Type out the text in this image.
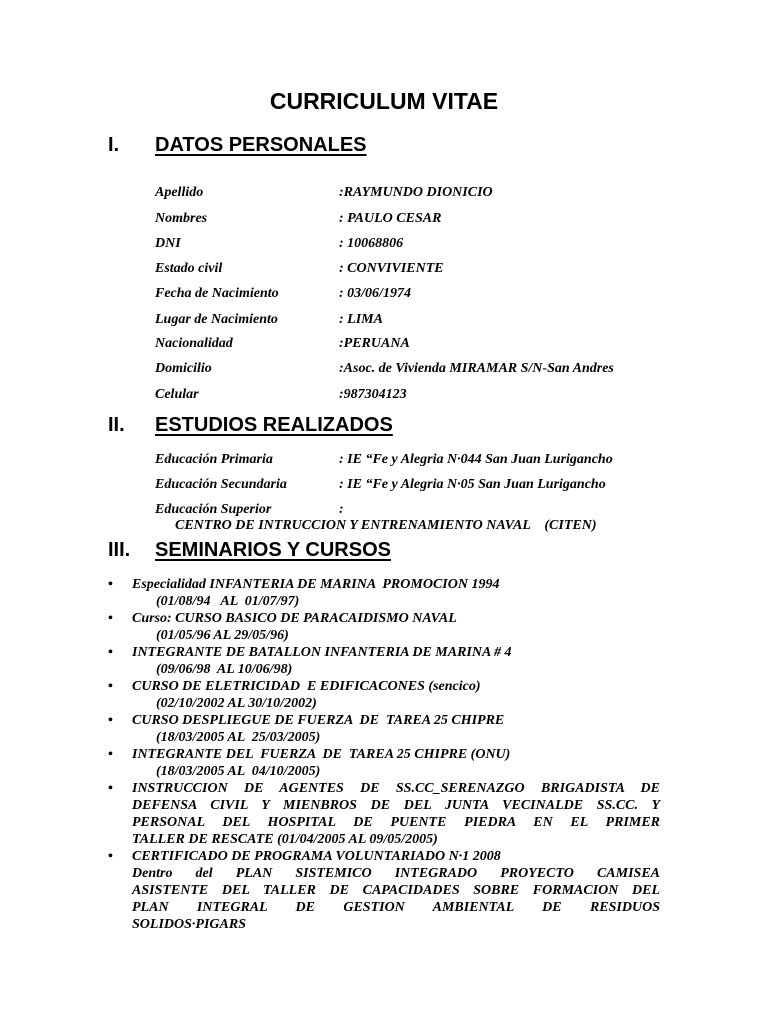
CURRICULUM VITAE
I. DATOS PERSONALES
Apellido	:RAYMUNDO DIONICIO
Nombres	: PAULO CESAR
DNI	: 10068806
Estado civil	: CONVIVIENTE
Fecha de Nacimiento	: 03/06/1974
Lugar de Nacimiento	: LIMA
Nacionalidad	:PERUANA
Domicilio	:Asoc. de Vivienda MIRAMAR S/N-San Andres
Celular	:987304123
II. ESTUDIOS REALIZADOS
Educación Primaria	: IE “Fe y Alegria N·044 San Juan Lurigancho
Educación Secundaria	: IE “Fe y Alegria N·05 San Juan Lurigancho
Educación Superior	:
CENTRO DE INTRUCCION Y ENTRENAMIENTO NAVAL    (CITEN)
III. SEMINARIOS Y CURSOS
• Especialidad INFANTERIA DE MARINA  PROMOCION 1994
(01/08/94   AL  01/07/97)
• Curso: CURSO BASICO DE PARACAIDISMO NAVAL
(01/05/96 AL 29/05/96)
• INTEGRANTE DE BATALLON INFANTERIA DE MARINA # 4
(09/06/98  AL 10/06/98)
• CURSO DE ELETRICIDAD  E EDIFICACONES (sencico)
(02/10/2002 AL 30/10/2002)
• CURSO DESPLIEGUE DE FUERZA  DE  TAREA 25 CHIPRE
(18/03/2005 AL  25/03/2005)
• INTEGRANTE DEL  FUERZA  DE  TAREA 25 CHIPRE (ONU)
(18/03/2005 AL  04/10/2005)
• INSTRUCCION DE AGENTES DE SS.CC_SERENAZGO BRIGADISTA DE
DEFENSA CIVIL Y MIENBROS DE DEL JUNTA VECINALDE SS.CC. Y
PERSONAL DEL HOSPITAL DE PUENTE PIEDRA EN EL PRIMER
TALLER DE RESCATE (01/04/2005 AL 09/05/2005)
• CERTIFICADO DE PROGRAMA VOLUNTARIADO N·1 2008
Dentro del PLAN SISTEMICO INTEGRADO PROYECTO CAMISEA
ASISTENTE DEL TALLER DE CAPACIDADES SOBRE FORMACION DEL
PLAN INTEGRAL DE GESTION AMBIENTAL DE RESIDUOS
SOLIDOS·PIGARS
